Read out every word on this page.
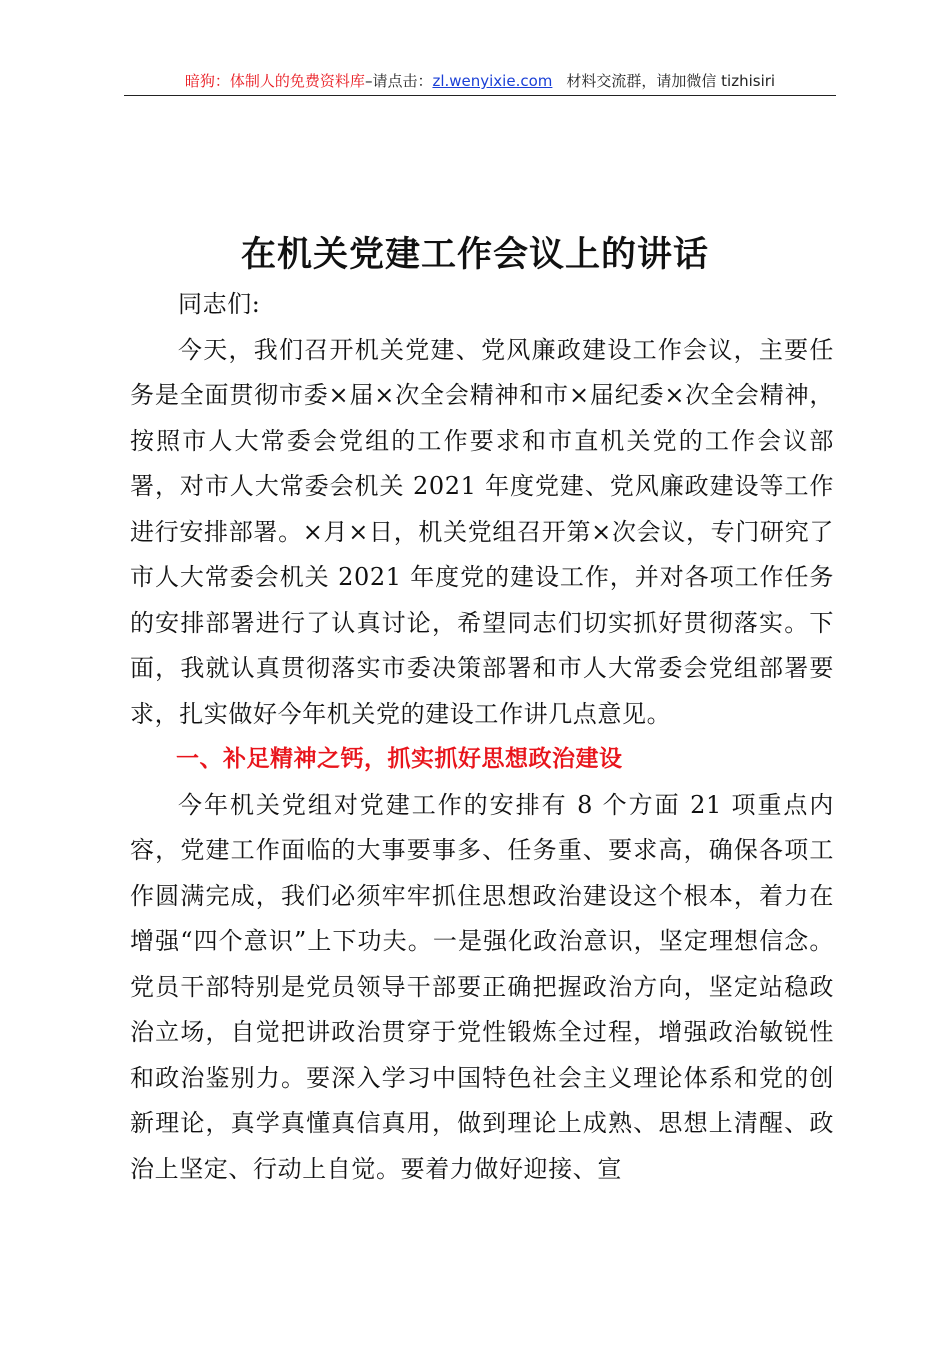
暗狗：体制人的免费资料库–请点击：zl.wenyixie.com 材料交流群，请加微信 tizhisiri
在机关党建工作会议上的讲话

同志们:

今天，我们召开机关党建、党风廉政建设工作会议，主要任务是全面贯彻市委×届×次全会精神和市×届纪委×次全会精神，按照市人大常委会党组的工作要求和市直机关党的工作会议部署，对市人大常委会机关 2021 年度党建、党风廉政建设等工作进行安排部署。×月×日，机关党组召开第×次会议，专门研究了市人大常委会机关 2021 年度党的建设工作，并对各项工作任务的安排部署进行了认真讨论，希望同志们切实抓好贯彻落实。下面，我就认真贯彻落实市委决策部署和市人大常委会党组部署要求，扎实做好今年机关党的建设工作讲几点意见。

一、补足精神之钙，抓实抓好思想政治建设

今年机关党组对党建工作的安排有 8 个方面 21 项重点内容，党建工作面临的大事要事多、任务重、要求高，确保各项工作圆满完成，我们必须牢牢抓住思想政治建设这个根本，着力在增强“四个意识”上下功夫。一是强化政治意识，坚定理想信念。党员干部特别是党员领导干部要正确把握政治方向，坚定站稳政治立场，自觉把讲政治贯穿于党性锻炼全过程，增强政治敏锐性和政治鉴别力。要深入学习中国特色社会主义理论体系和党的创新理论，真学真懂真信真用，做到理论上成熟、思想上清醒、政治上坚定、行动上自觉。要着力做好迎接、宣
